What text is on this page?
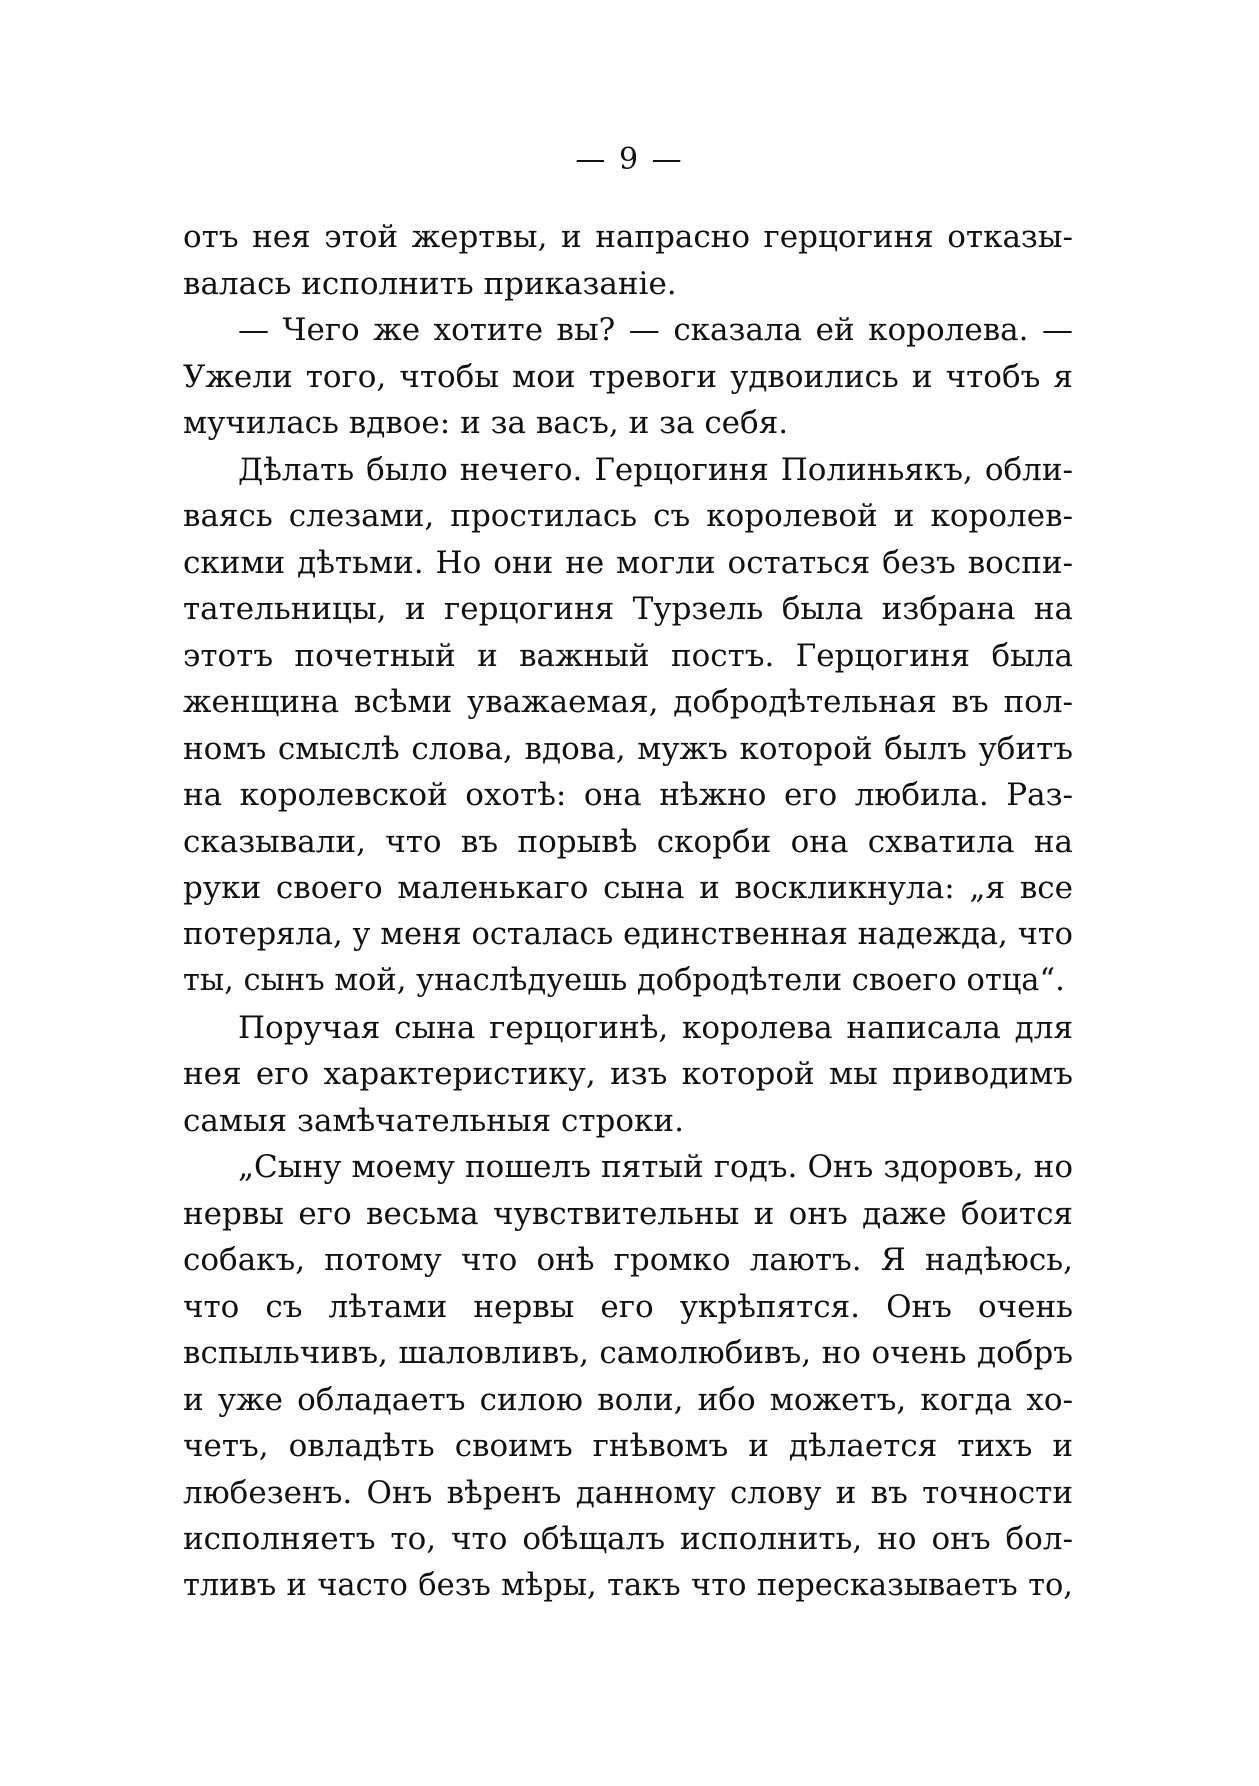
— 9 —
отъ нея этой жертвы, и напрасно герцогиня отказы-
валась исполнить приказаніе.
— Чего же хотите вы? — сказала ей королева. —
Ужели того, чтобы мои тревоги удвоились и чтобъ я
мучилась вдвое: и за васъ, и за себя.
Дѣлать было нечего. Герцогиня Полиньякъ, обли-
ваясь слезами, простилась съ королевой и королев-
скими дѣтьми. Но они не могли остаться безъ воспи-
тательницы, и герцогиня Турзель была избрана на
этотъ почетный и важный постъ. Герцогиня была
женщина всѣми уважаемая, добродѣтельная въ пол-
номъ смыслѣ слова, вдова, мужъ которой былъ убитъ
на королевской охотѣ: она нѣжно его любила. Раз-
сказывали, что въ порывѣ скорби она схватила на
руки своего маленькаго сына и воскликнула: „я все
потеряла, у меня осталась единственная надежда, что
ты, сынъ мой, унаслѣдуешь добродѣтели своего отца“.
Поручая сына герцогинѣ, королева написала для
нея его характеристику, изъ которой мы приводимъ
самыя замѣчательныя строки.
„Сыну моему пошелъ пятый годъ. Онъ здоровъ, но
нервы его весьма чувствительны и онъ даже боится
собакъ, потому что онѣ громко лаютъ. Я надѣюсь,
что съ лѣтами нервы его укрѣпятся. Онъ очень
вспыльчивъ, шаловливъ, самолюбивъ, но очень добръ
и уже обладаетъ силою воли, ибо можетъ, когда хо-
четъ, овладѣть своимъ гнѣвомъ и дѣлается тихъ и
любезенъ. Онъ вѣренъ данному слову и въ точности
исполняетъ то, что обѣщалъ исполнить, но онъ бол-
тливъ и часто безъ мѣры, такъ что пересказываетъ то,
